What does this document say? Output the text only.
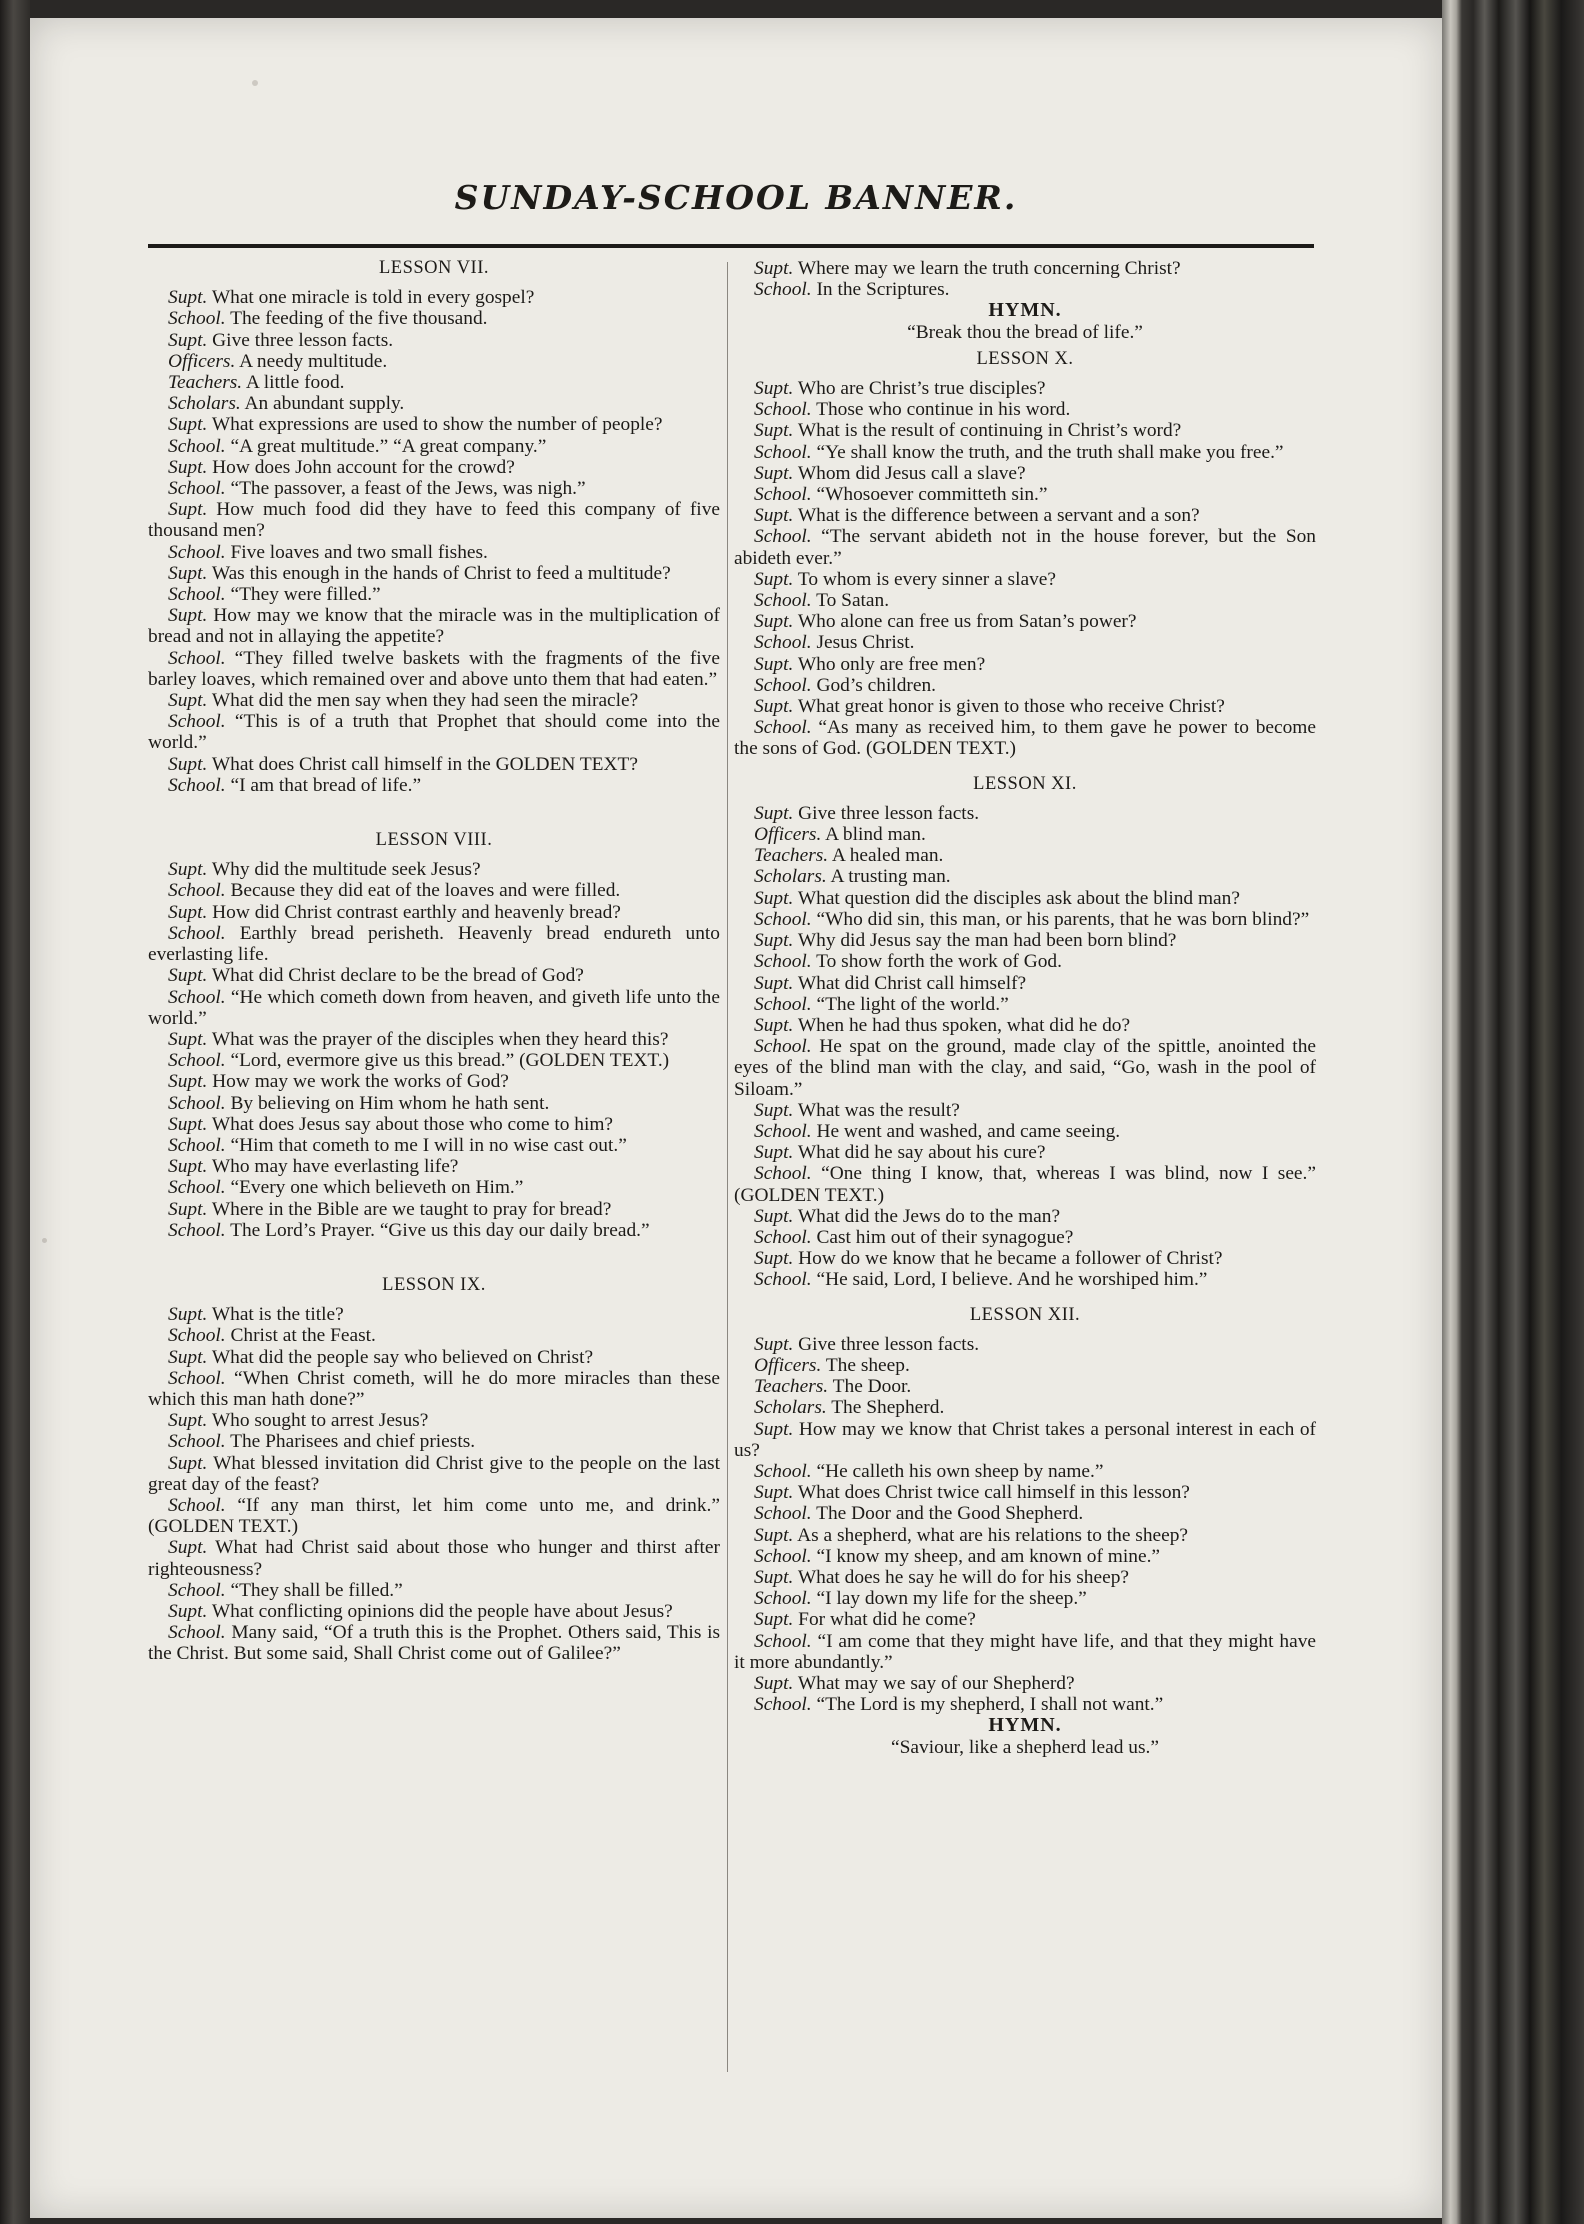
SUNDAY-SCHOOL BANNER.

LESSON VII.

Supt. What one miracle is told in every gospel?

School. The feeding of the five thousand.

Supt. Give three lesson facts.

Officers. A needy multitude.

Teachers. A little food.

Scholars. An abundant supply.

Supt. What expressions are used to show the number of people?

School. “A great multitude.” “A great company.”

Supt. How does John account for the crowd?

School. “The passover, a feast of the Jews, was nigh.”

Supt. How much food did they have to feed this company of five thousand men?

School. Five loaves and two small fishes.

Supt. Was this enough in the hands of Christ to feed a multitude?

School. “They were filled.”

Supt. How may we know that the miracle was in the multiplication of bread and not in allaying the appetite?

School. “They filled twelve baskets with the fragments of the five barley loaves, which remained over and above unto them that had eaten.”

Supt. What did the men say when they had seen the miracle?

School. “This is of a truth that Prophet that should come into the world.”

Supt. What does Christ call himself in the GOLDEN TEXT?

School. “I am that bread of life.”

LESSON VIII.

Supt. Why did the multitude seek Jesus?

School. Because they did eat of the loaves and were filled.

Supt. How did Christ contrast earthly and heavenly bread?

School. Earthly bread perisheth. Heavenly bread endureth unto everlasting life.

Supt. What did Christ declare to be the bread of God?

School. “He which cometh down from heaven, and giveth life unto the world.”

Supt. What was the prayer of the disciples when they heard this?

School. “Lord, evermore give us this bread.” (GOLDEN TEXT.)

Supt. How may we work the works of God?

School. By believing on Him whom he hath sent.

Supt. What does Jesus say about those who come to him?

School. “Him that cometh to me I will in no wise cast out.”

Supt. Who may have everlasting life?

School. “Every one which believeth on Him.”

Supt. Where in the Bible are we taught to pray for bread?

School. The Lord’s Prayer. “Give us this day our daily bread.”

LESSON IX.

Supt. What is the title?

School. Christ at the Feast.

Supt. What did the people say who believed on Christ?

School. “When Christ cometh, will he do more miracles than these which this man hath done?”

Supt. Who sought to arrest Jesus?

School. The Pharisees and chief priests.

Supt. What blessed invitation did Christ give to the people on the last great day of the feast?

School. “If any man thirst, let him come unto me, and drink.” (GOLDEN TEXT.)

Supt. What had Christ said about those who hunger and thirst after righteousness?

School. “They shall be filled.”

Supt. What conflicting opinions did the people have about Jesus?

School. Many said, “Of a truth this is the Prophet. Others said, This is the Christ. But some said, Shall Christ come out of Galilee?”

Supt. Where may we learn the truth concerning Christ?

School. In the Scriptures.

HYMN.

“Break thou the bread of life.”

LESSON X.

Supt. Who are Christ’s true disciples?

School. Those who continue in his word.

Supt. What is the result of continuing in Christ’s word?

School. “Ye shall know the truth, and the truth shall make you free.”

Supt. Whom did Jesus call a slave?

School. “Whosoever committeth sin.”

Supt. What is the difference between a servant and a son?

School. “The servant abideth not in the house forever, but the Son abideth ever.”

Supt. To whom is every sinner a slave?

School. To Satan.

Supt. Who alone can free us from Satan’s power?

School. Jesus Christ.

Supt. Who only are free men?

School. God’s children.

Supt. What great honor is given to those who receive Christ?

School. “As many as received him, to them gave he power to become the sons of God. (GOLDEN TEXT.)

LESSON XI.

Supt. Give three lesson facts.

Officers. A blind man.

Teachers. A healed man.

Scholars. A trusting man.

Supt. What question did the disciples ask about the blind man?

School. “Who did sin, this man, or his parents, that he was born blind?”

Supt. Why did Jesus say the man had been born blind?

School. To show forth the work of God.

Supt. What did Christ call himself?

School. “The light of the world.”

Supt. When he had thus spoken, what did he do?

School. He spat on the ground, made clay of the spittle, anointed the eyes of the blind man with the clay, and said, “Go, wash in the pool of Siloam.”

Supt. What was the result?

School. He went and washed, and came seeing.

Supt. What did he say about his cure?

School. “One thing I know, that, whereas I was blind, now I see.” (GOLDEN TEXT.)

Supt. What did the Jews do to the man?

School. Cast him out of their synagogue?

Supt. How do we know that he became a follower of Christ?

School. “He said, Lord, I believe. And he worshiped him.”

LESSON XII.

Supt. Give three lesson facts.

Officers. The sheep.

Teachers. The Door.

Scholars. The Shepherd.

Supt. How may we know that Christ takes a personal interest in each of us?

School. “He calleth his own sheep by name.”

Supt. What does Christ twice call himself in this lesson?

School. The Door and the Good Shepherd.

Supt. As a shepherd, what are his relations to the sheep?

School. “I know my sheep, and am known of mine.”

Supt. What does he say he will do for his sheep?

School. “I lay down my life for the sheep.”

Supt. For what did he come?

School. “I am come that they might have life, and that they might have it more abundantly.”

Supt. What may we say of our Shepherd?

School. “The Lord is my shepherd, I shall not want.”

HYMN.

“Saviour, like a shepherd lead us.”
